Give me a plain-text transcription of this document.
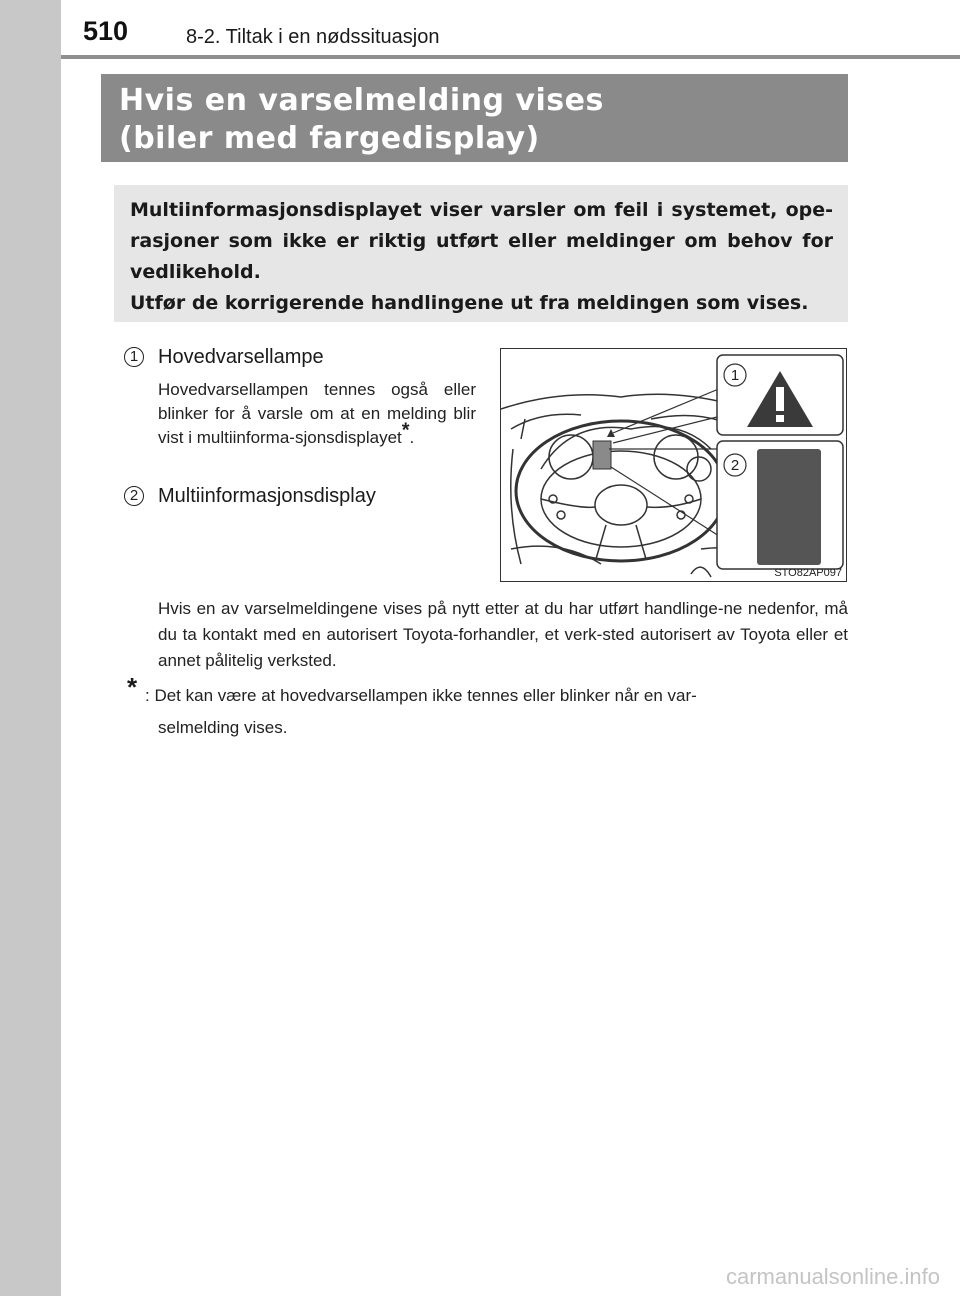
510	8-2. Tiltak i en nødssituasjon
Hvis en varselmelding vises
(biler med fargedisplay)

Multiinformasjonsdisplayet viser varsler om feil i systemet, ope-rasjoner som ikke er riktig utført eller meldinger om behov for vedlikehold.

Utfør de korrigerende handlingene ut fra meldingen som vises.

1 Hovedvarsellampe
Hovedvarsellampen tennes også eller blinker for å varsle om at en melding blir vist i multiinforma-sjonsdisplayet*.
2 Multiinformasjonsdisplay
1
2
STO82AP097
Hvis en av varselmeldingene vises på nytt etter at du har utført handlinge-ne nedenfor, må du ta kontakt med en autorisert Toyota-forhandler, et verk-sted autorisert av Toyota eller et annet pålitelig verksted.
* : Det kan være at hovedvarsellampen ikke tennes eller blinker når en var-
selmelding vises.
carmanualsonline.info
